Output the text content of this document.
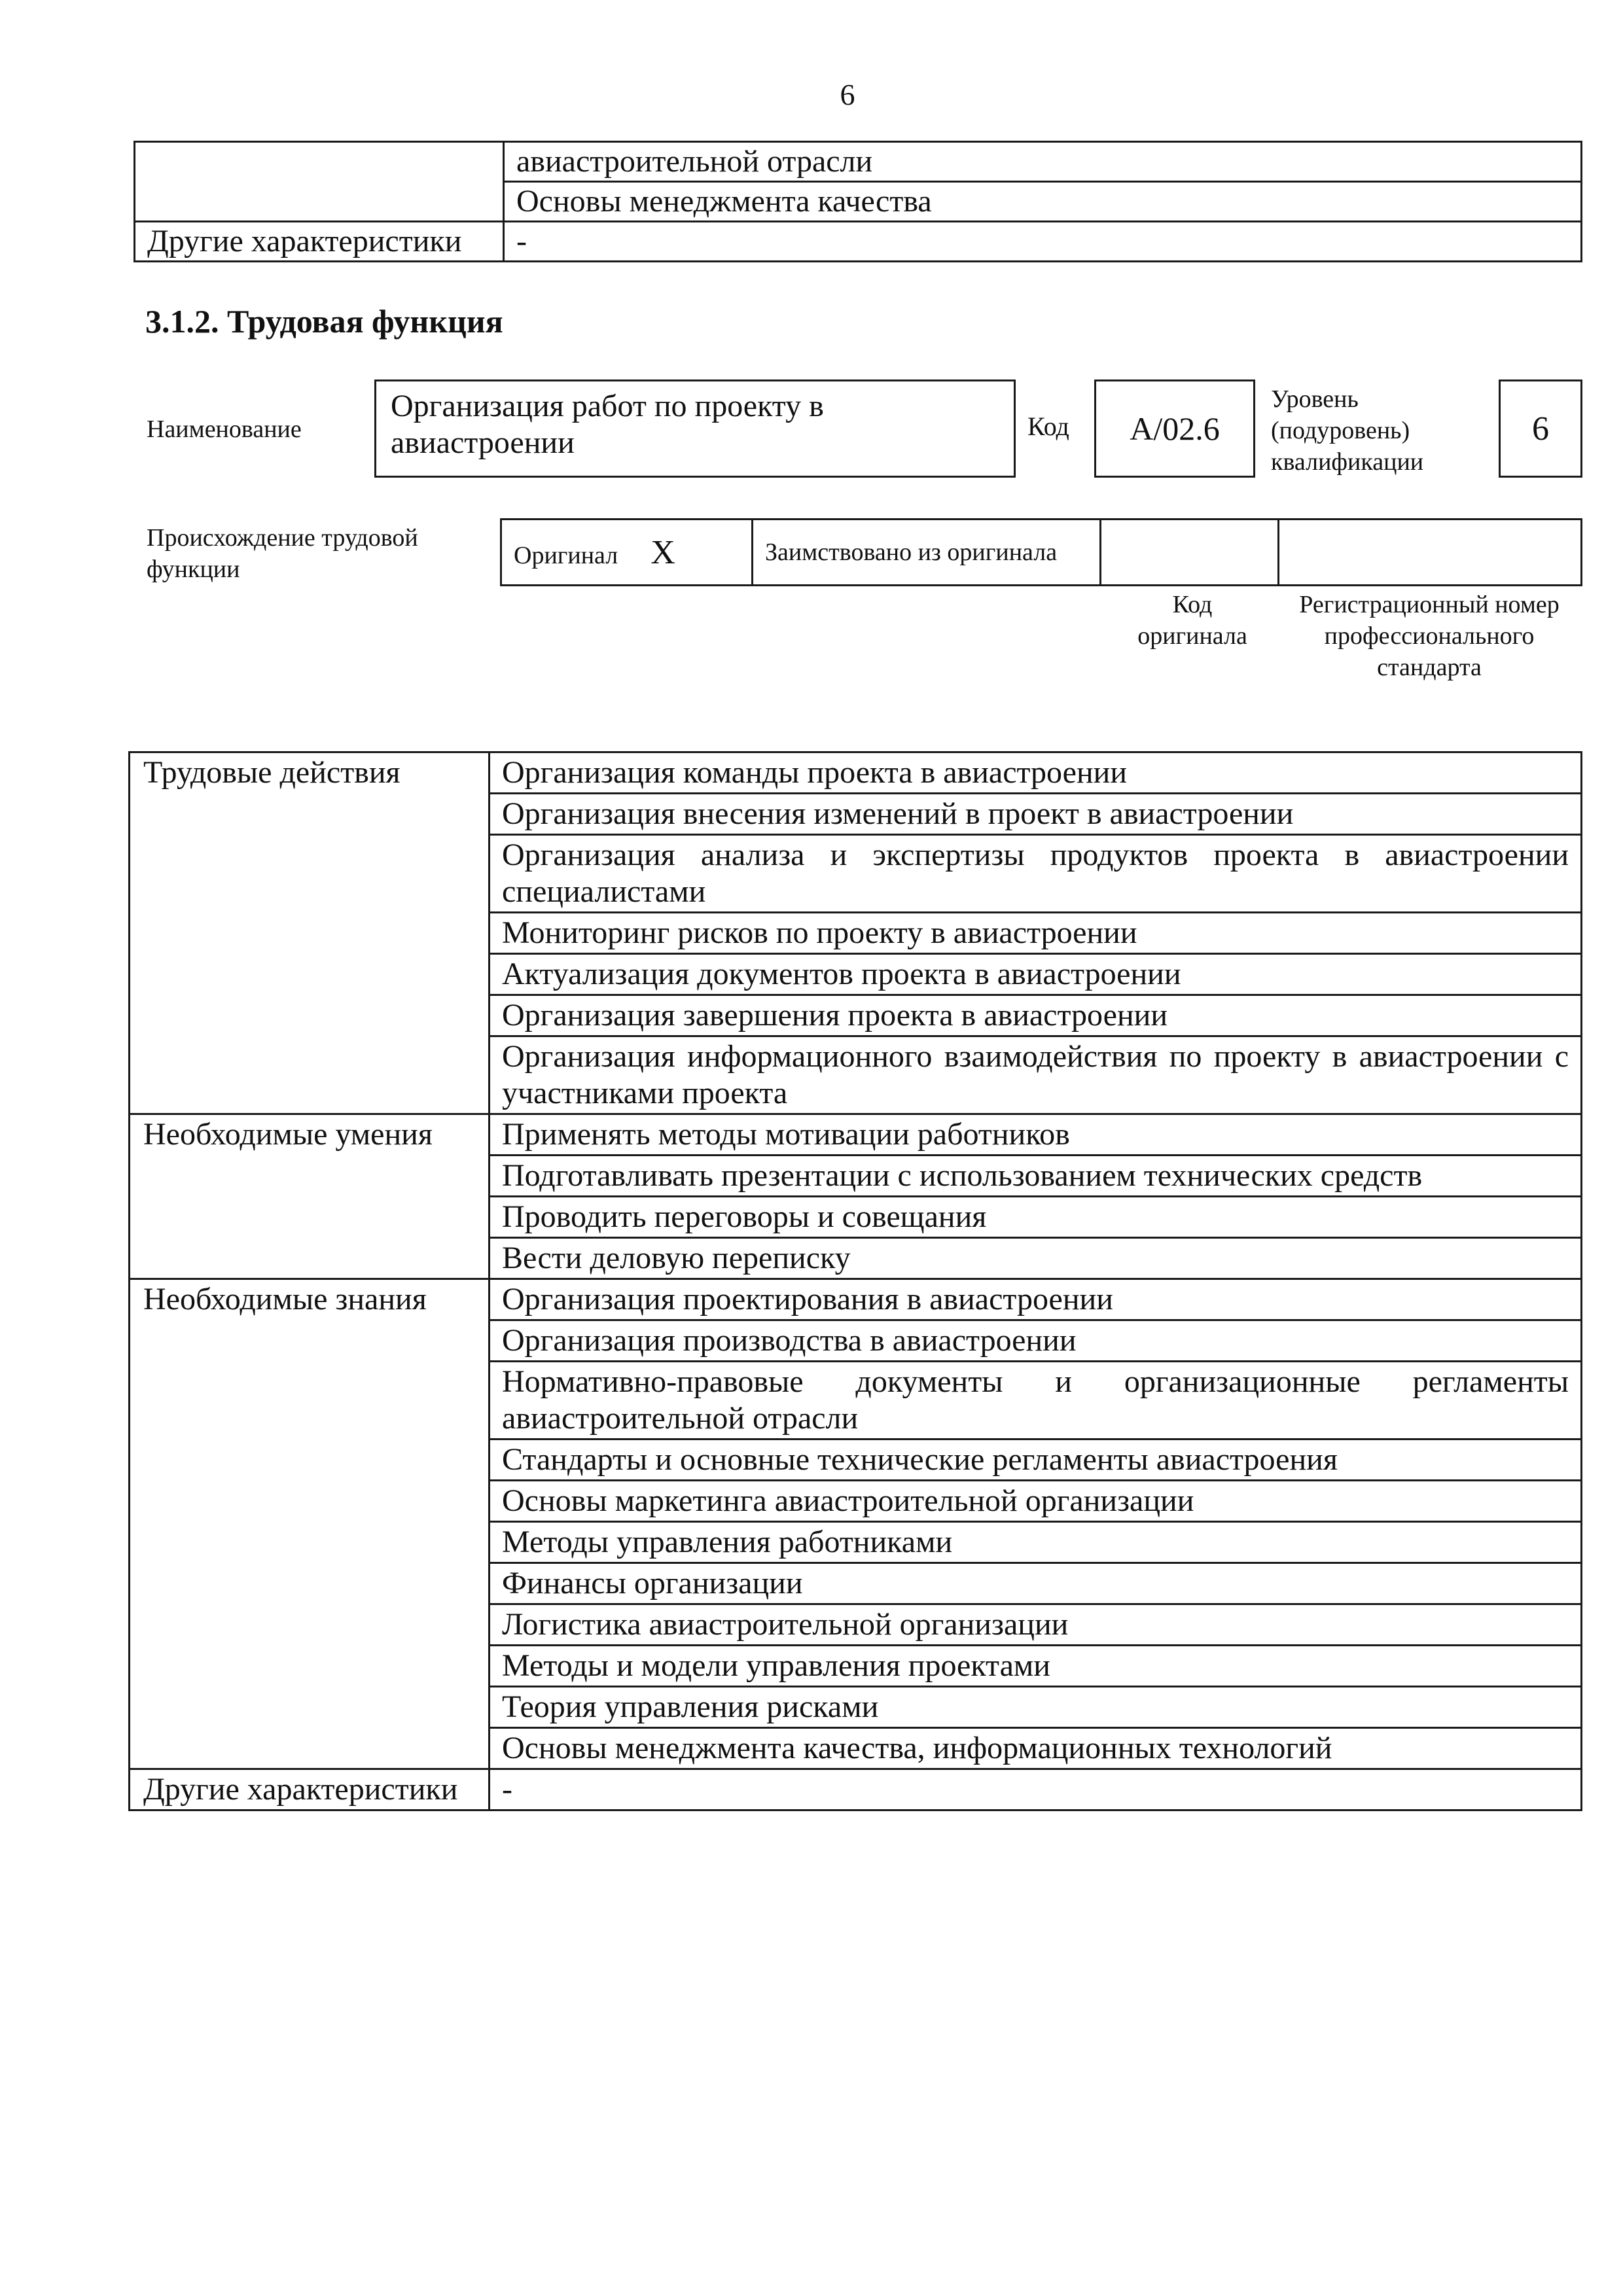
6
	авиастроительной отрасли
	Основы менеджмента качества
Другие характеристики	-
3.1.2. Трудовая функция
Наименование
Организация работ по проекту в авиастроении	Код	A/02.6
Уровень (подуровень) квалификации
6
Происхождение трудовой функции
Оригинал X	Заимствовано из оригинала		
Код оригинала
Регистрационный номер профессионального стандарта
Трудовые действия	Организация команды проекта в авиастроении
	Организация внесения изменений в проект в авиастроении
	Организация анализа и экспертизы продуктов проекта в авиастроении специалистами
	Мониторинг рисков по проекту в авиастроении
	Актуализация документов проекта в авиастроении
	Организация завершения проекта в авиастроении
	Организация информационного взаимодействия по проекту в авиастроении с участниками проекта
Необходимые умения	Применять методы мотивации работников
	Подготавливать презентации с использованием технических средств
	Проводить переговоры и совещания
	Вести деловую переписку
Необходимые знания	Организация проектирования в авиастроении
	Организация производства в авиастроении
	Нормативно-правовые документы и организационные регламенты авиастроительной отрасли
	Стандарты и основные технические регламенты авиастроения
	Основы маркетинга авиастроительной организации
	Методы управления работниками
	Финансы организации
	Логистика авиастроительной организации
	Методы и модели управления проектами
	Теория управления рисками
	Основы менеджмента качества, информационных технологий
Другие характеристики	-
